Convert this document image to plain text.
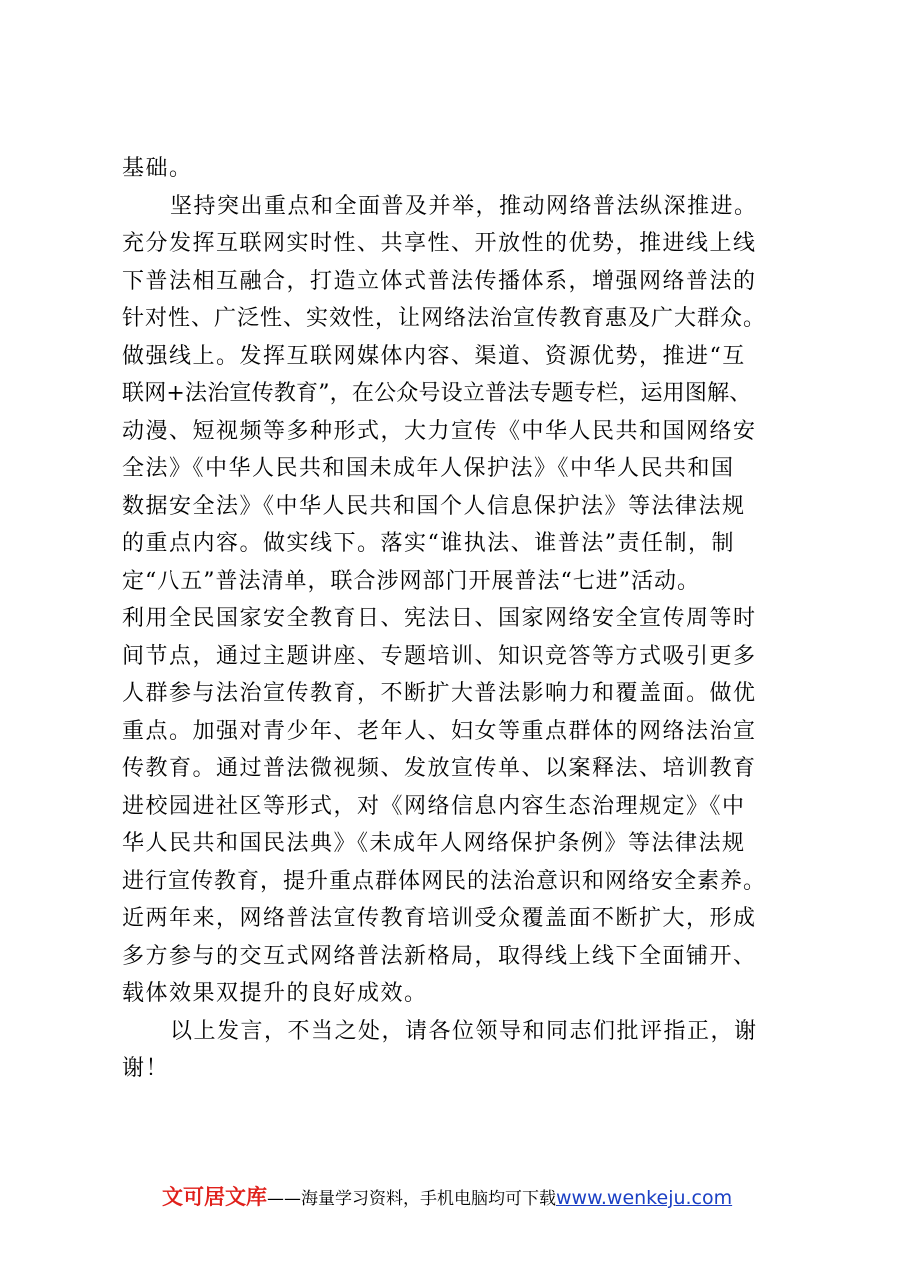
基础。
坚持突出重点和全面普及并举，推动网络普法纵深推进。
充分发挥互联网实时性、共享性、开放性的优势，推进线上线
下普法相互融合，打造立体式普法传播体系，增强网络普法的
针对性、广泛性、实效性，让网络法治宣传教育惠及广大群众。
做强线上。发挥互联网媒体内容、渠道、资源优势，推进“互
联网+法治宣传教育”，在公众号设立普法专题专栏，运用图解、
动漫、短视频等多种形式，大力宣传《中华人民共和国网络安
全法》《中华人民共和国未成年人保护法》《中华人民共和国
数据安全法》《中华人民共和国个人信息保护法》等法律法规
的重点内容。做实线下。落实“谁执法、谁普法”责任制，制
定“八五”普法清单，联合涉网部门开展普法“七进”活动。
利用全民国家安全教育日、宪法日、国家网络安全宣传周等时
间节点，通过主题讲座、专题培训、知识竞答等方式吸引更多
人群参与法治宣传教育，不断扩大普法影响力和覆盖面。做优
重点。加强对青少年、老年人、妇女等重点群体的网络法治宣
传教育。通过普法微视频、发放宣传单、以案释法、培训教育
进校园进社区等形式，对《网络信息内容生态治理规定》《中
华人民共和国民法典》《未成年人网络保护条例》等法律法规
进行宣传教育，提升重点群体网民的法治意识和网络安全素养。
近两年来，网络普法宣传教育培训受众覆盖面不断扩大，形成
多方参与的交互式网络普法新格局，取得线上线下全面铺开、
载体效果双提升的良好成效。
以上发言，不当之处，请各位领导和同志们批评指正，谢
谢！
文可居文库——海量学习资料，手机电脑均可下载www.wenkeju.com
